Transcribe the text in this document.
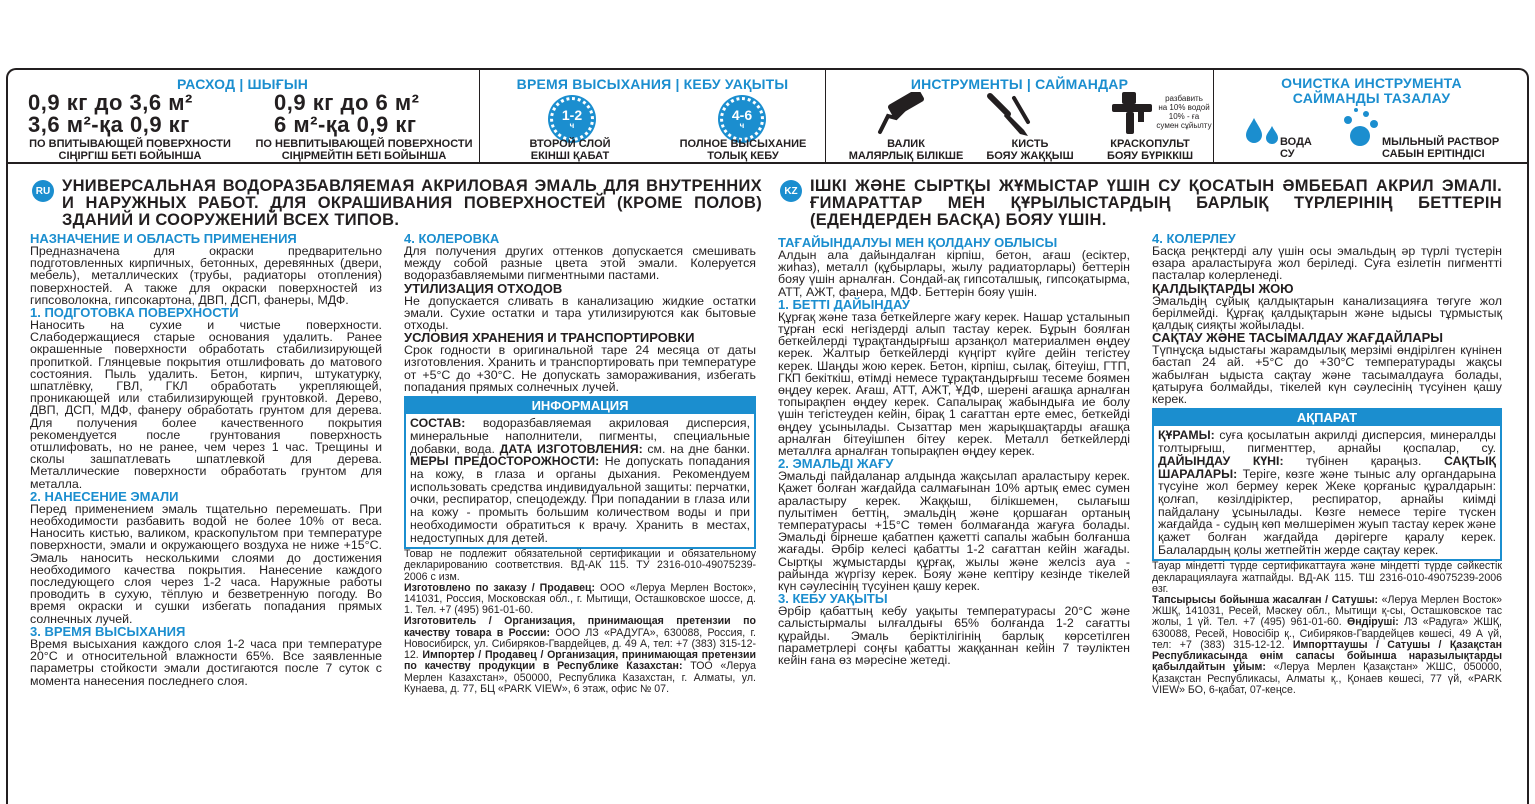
РАСХОД | ШЫҒЫН
0,9 кг до 3,6 м²
3,6 м²-қа 0,9 кг
ПО ВПИТЫВАЮЩЕЙ ПОВЕРХНОСТИ
СІҢІРГІШ БЕТІ БОЙЫНША
0,9 кг до 6 м²
6 м²-қа 0,9 кг
ПО НЕВПИТЫВАЮЩЕЙ ПОВЕРХНОСТИ
СІҢІРМЕЙТІН БЕТІ БОЙЫНША
ВРЕМЯ ВЫСЫХАНИЯ | КЕБУ УАҚЫТЫ
1-2
ч
4-6
ч
ВТОРОЙ СЛОЙ
ЕКІНШІ ҚАБАТ
ПОЛНОЕ ВЫСЫХАНИЕ
ТОЛЫҚ КЕБУ
ИНСТРУМЕНТЫ | САЙМАНДАР
разбавить
на 10% водой
10% - ға
сумен сұйылту
ВАЛИК
МАЛЯРЛЫҚ БІЛІКШЕ
КИСТЬ
БОЯУ ЖАҚҚЫШ
КРАСКОПУЛЬТ
БОЯУ БҮРІККІШ
ОЧИСТКА ИНСТРУМЕНТА
САЙМАНДЫ ТАЗАЛАУ
ВОДА
СУ
МЫЛЬНЫЙ РАСТВОР
САБЫН ЕРІТІНДІСІ
RU УНИВЕРСАЛЬНАЯ ВОДОРАЗБАВЛЯЕМАЯ АКРИЛОВАЯ ЭМАЛЬ ДЛЯ ВНУТРЕННИХ И НАРУЖНЫХ РАБОТ. ДЛЯ ОКРАШИВАНИЯ ПОВЕРХНОСТЕЙ (КРОМЕ ПОЛОВ) ЗДАНИЙ И СООРУЖЕНИЙ ВСЕХ ТИПОВ.
НАЗНАЧЕНИЕ И ОБЛАСТЬ ПРИМЕНЕНИЯ

Предназначена для окраски предварительно подготовленных кирпичных, бетонных, деревянных (двери, мебель), металлических (трубы, радиаторы отопления) поверхностей. А также для окраски поверхностей из гипсоволокна, гипсокартона, ДВП, ДСП, фанеры, МДФ.

1. ПОДГОТОВКА ПОВЕРХНОСТИ

Наносить на сухие и чистые поверхности. Слабодержащиеся старые основания удалить. Ранее окрашенные поверхности обработать стабилизирующей пропиткой. Глянцевые покрытия отшлифовать до матового состояния. Пыль удалить. Бетон, кирпич, штукатурку, шпатлёвку, ГВЛ, ГКЛ обработать укрепляющей, проникающей или стабилизирующей грунтовкой. Дерево, ДВП, ДСП, МДФ, фанеру обработать грунтом для дерева. Для получения более качественного покрытия рекомендуется после грунтования поверхность отшлифовать, но не ранее, чем через 1 час. Трещины и сколы зашпатлевать шпатлевкой для дерева. Металлические поверхности обработать грунтом для металла.

2. НАНЕСЕНИЕ ЭМАЛИ

Перед применением эмаль тщательно перемешать. При необходимости разбавить водой не более 10% от веса. Наносить кистью, валиком, краскопультом при температуре поверхности, эмали и окружающего воздуха не ниже +15°С. Эмаль наносить несколькими слоями до достижения необходимого качества покрытия. Нанесение каждого последующего слоя через 1-2 часа. Наружные работы проводить в сухую, тёплую и безветренную погоду. Во время окраски и сушки избегать попадания прямых солнечных лучей.

3. ВРЕМЯ ВЫСЫХАНИЯ

Время высыхания каждого слоя 1-2 часа при температуре 20°С и относительной влажности 65%. Все заявленные параметры стойкости эмали достигаются после 7 суток с момента нанесения последнего слоя.

4. КОЛЕРОВКА

Для получения других оттенков допускается смешивать между собой разные цвета этой эмали. Колеруется водоразбавляемыми пигментными пастами.

УТИЛИЗАЦИЯ ОТХОДОВ

Не допускается сливать в канализацию жидкие остатки эмали. Сухие остатки и тара утилизируются как бытовые отходы.

УСЛОВИЯ ХРАНЕНИЯ И ТРАНСПОРТИРОВКИ

Срок годности в оригинальной таре 24 месяца от даты изготовления. Хранить и транспортировать при температуре от +5°С до +30°С. Не допускать замораживания, избегать попадания прямых солнечных лучей.

ИНФОРМАЦИЯ
СОСТАВ: водоразбавляемая акриловая дисперсия, минеральные наполнители, пигменты, специальные добавки, вода. ДАТА ИЗГОТОВЛЕНИЯ: см. на дне банки. МЕРЫ ПРЕДОСТОРОЖНОСТИ: Не допускать попадания на кожу, в глаза и органы дыхания. Рекомендуем использовать средства индивидуальной защиты: перчатки, очки, респиратор, спецодежду. При попадании в глаза или на кожу - промыть большим количеством воды и при необходимости обратиться к врачу. Хранить в местах, недоступных для детей.

Товар не подлежит обязательной сертификации и обязательному декларированию соответствия. ВД-АК 115. ТУ 2316-010-49075239-2006 с изм.

Изготовлено по заказу / Продавец: ООО «Леруа Мерлен Восток», 141031, Россия, Московская обл., г. Мытищи, Осташковское шоссе, д. 1. Тел. +7 (495) 961-01-60.
Изготовитель / Организация, принимающая претензии по качеству товара в России: ООО ЛЗ «РАДУГА», 630088, Россия, г. Новосибирск, ул. Сибиряков-Гвардейцев, д. 49 А, тел: +7 (383) 315-12-12. Импортер / Продавец / Организация, принимающая претензии по качеству продукции в Республике Казахстан: ТОО «Леруа Мерлен Казахстан», 050000, Республика Казахстан, г. Алматы, ул. Кунаева, д. 77, БЦ «PARK VIEW», 6 этаж, офис № 07.

KZ ІШКІ ЖӘНЕ СЫРТҚЫ ЖҰМЫСТАР ҮШІН СУ ҚОСАТЫН ӘМБЕБАП АКРИЛ ЭМАЛІ. ҒИМАРАТТАР МЕН ҚҰРЫЛЫСТАРДЫҢ БАРЛЫҚ ТҮРЛЕРІНІҢ БЕТТЕРІН (ЕДЕНДЕРДЕН БАСҚА) БОЯУ ҮШІН.
ТАҒАЙЫНДАЛУЫ МЕН ҚОЛДАНУ ОБЛЫСЫ

Алдын ала дайындалған кірпіш, бетон, ағаш (есіктер, жиһаз), металл (құбырлары, жылу радиаторлары) беттерін бояу үшін арналған. Сондай-ақ гипсоталшық, гипсоқатырма, АТТ, АЖТ, фанера, МДФ. Беттерін бояу үшін.

1. БЕТТІ ДАЙЫНДАУ

Құрғақ және таза беткейлерге жағу керек. Нашар ұсталынып тұрған ескі негіздерді алып тастау керек. Бұрын боялған беткейлерді тұрақтандырғыш арзанқол материалмен өңдеу керек. Жалтыр беткейлерді күңгірт күйге дейін тегістеу керек. Шаңды жою керек. Бетон, кірпіш, сылақ, бітеуіш, ГТП, ГКП бекіткіш, өтімді немесе тұрақтандырғыш тесеме боямен өңдеу керек. Ағаш, АТТ, АЖТ, ҰДФ, шерені ағашқа арналған топырақпен өңдеу керек. Сапалырақ жабындыға ие болу үшін тегістеуден кейін, бірақ 1 сағаттан ерте емес, беткейді өңдеу ұсынылады. Сызаттар мен жарықшақтарды ағашқа арналған бітеуішпен бітеу керек. Металл беткейлерді металлға арналған топырақпен өңдеу керек.

2. ЭМАЛЬДІ ЖАҒУ

Эмальді пайдаланар алдында жақсылап араластыру керек. Қажет болған жағдайда салмағынан 10% артық емес сумен араластыру керек. Жаққыш, білікшемен, сылағыш пулытімен беттің, эмальдің және қоршаған ортаның температурасы +15°С төмен болмағанда жағуға болады. Эмальді бірнеше қабатпен қажетті сапалы жабын болғанша жағады. Әрбір келесі қабатты 1-2 сағаттан кейін жағады. Сыртқы жұмыстарды құрғақ, жылы және желсіз ауа - райында жүргізу керек. Бояу және кептіру кезінде тікелей күн сәулесінің түсуінен қашу керек.

3. КЕБУ УАҚЫТЫ

Әрбір қабаттың кебу уақыты температурасы 20°С және салыстырмалы ылғалдығы 65% болғанда 1-2 сағатты құрайды. Эмаль беріктілігінің барлық көрсетілген параметрлері соңғы қабатты жаққаннан кейін 7 тәуліктен кейін ғана өз мәресіне жетеді.

4. КОЛЕРЛЕУ

Басқа реңктерді алу үшін осы эмальдың әр түрлі түстерін өзара араластыруға жол беріледі. Суға езілетін пигментті пасталар колерленеді.

ҚАЛДЫҚТАРДЫ ЖОЮ

Эмальдің сұйық қалдықтарын канализацияға төгуге жол берілмейді. Құрғақ қалдықтарын және ыдысы тұрмыстық қалдық сияқты жойылады.

САҚТАУ ЖӘНЕ ТАСЫМАЛДАУ ЖАҒДАЙЛАРЫ

Түпнұсқа ыдыстағы жарамдылық мерзімі өндірілген күнінен бастап 24 ай. +5°С до +30°С температурады жақсы жабылған ыдыста сақтау және тасымалдауға болады, қатыруға болмайды, тікелей күн сәулесінің түсуінен қашу керек.

АҚПАРАТ
ҚҰРАМЫ: суға қосылатын акрилді дисперсия, минералды толтырғыш, пигменттер, арнайы қоспалар, су. ДАЙЫНДАУ КҮНІ: түбінен қараңыз. САҚТЫҚ ШАРАЛАРЫ: Терiге, көзге және тыныс алу органдарына түсуіне жол бермеу керек Жеке қорғаныс құралдарын: қолғап, көзілдіріктер, респиратор, арнайы киімді пайдалану ұсынылады. Көзге немесе терiге түскен жағдайда - судың көп мөлшерімен жуып тастау керек және қажет болған жағдайда дәрігерге қаралу керек. Балалардың қолы жетпейтін жерде сақтау керек.

Тауар міндетті түрде сертификаттауға және міндетті түрде сәйкестік декларациялауға жатпайды. ВД-АК 115. ТШ 2316-010-49075239-2006 өзг.

Тапсырысы бойынша жасалған / Сатушы: «Леруа Мерлен Восток» ЖШҚ, 141031, Ресей, Мәскеу обл., Мытищи қ-сы, Осташковское тас жолы, 1 үй. Тел. +7 (495) 961-01-60. Өндіруші: ЛЗ «Радуга» ЖШҚ, 630088, Ресей, Новосібір қ., Сибиряков-Гвардейцев көшесі, 49 А үй, тел: +7 (383) 315-12-12. Импорттаушы / Сатушы / Қазақстан Республикасында өнім сапасы бойынша наразылықтарды қабылдайтын ұйым: «Леруа Мерлен Қазақстан» ЖШС, 050000, Қазақстан Республикасы, Алматы қ., Қонаев көшесі, 77 үй, «PARK VIEW» БО, 6-қабат, 07-кеңсе.
